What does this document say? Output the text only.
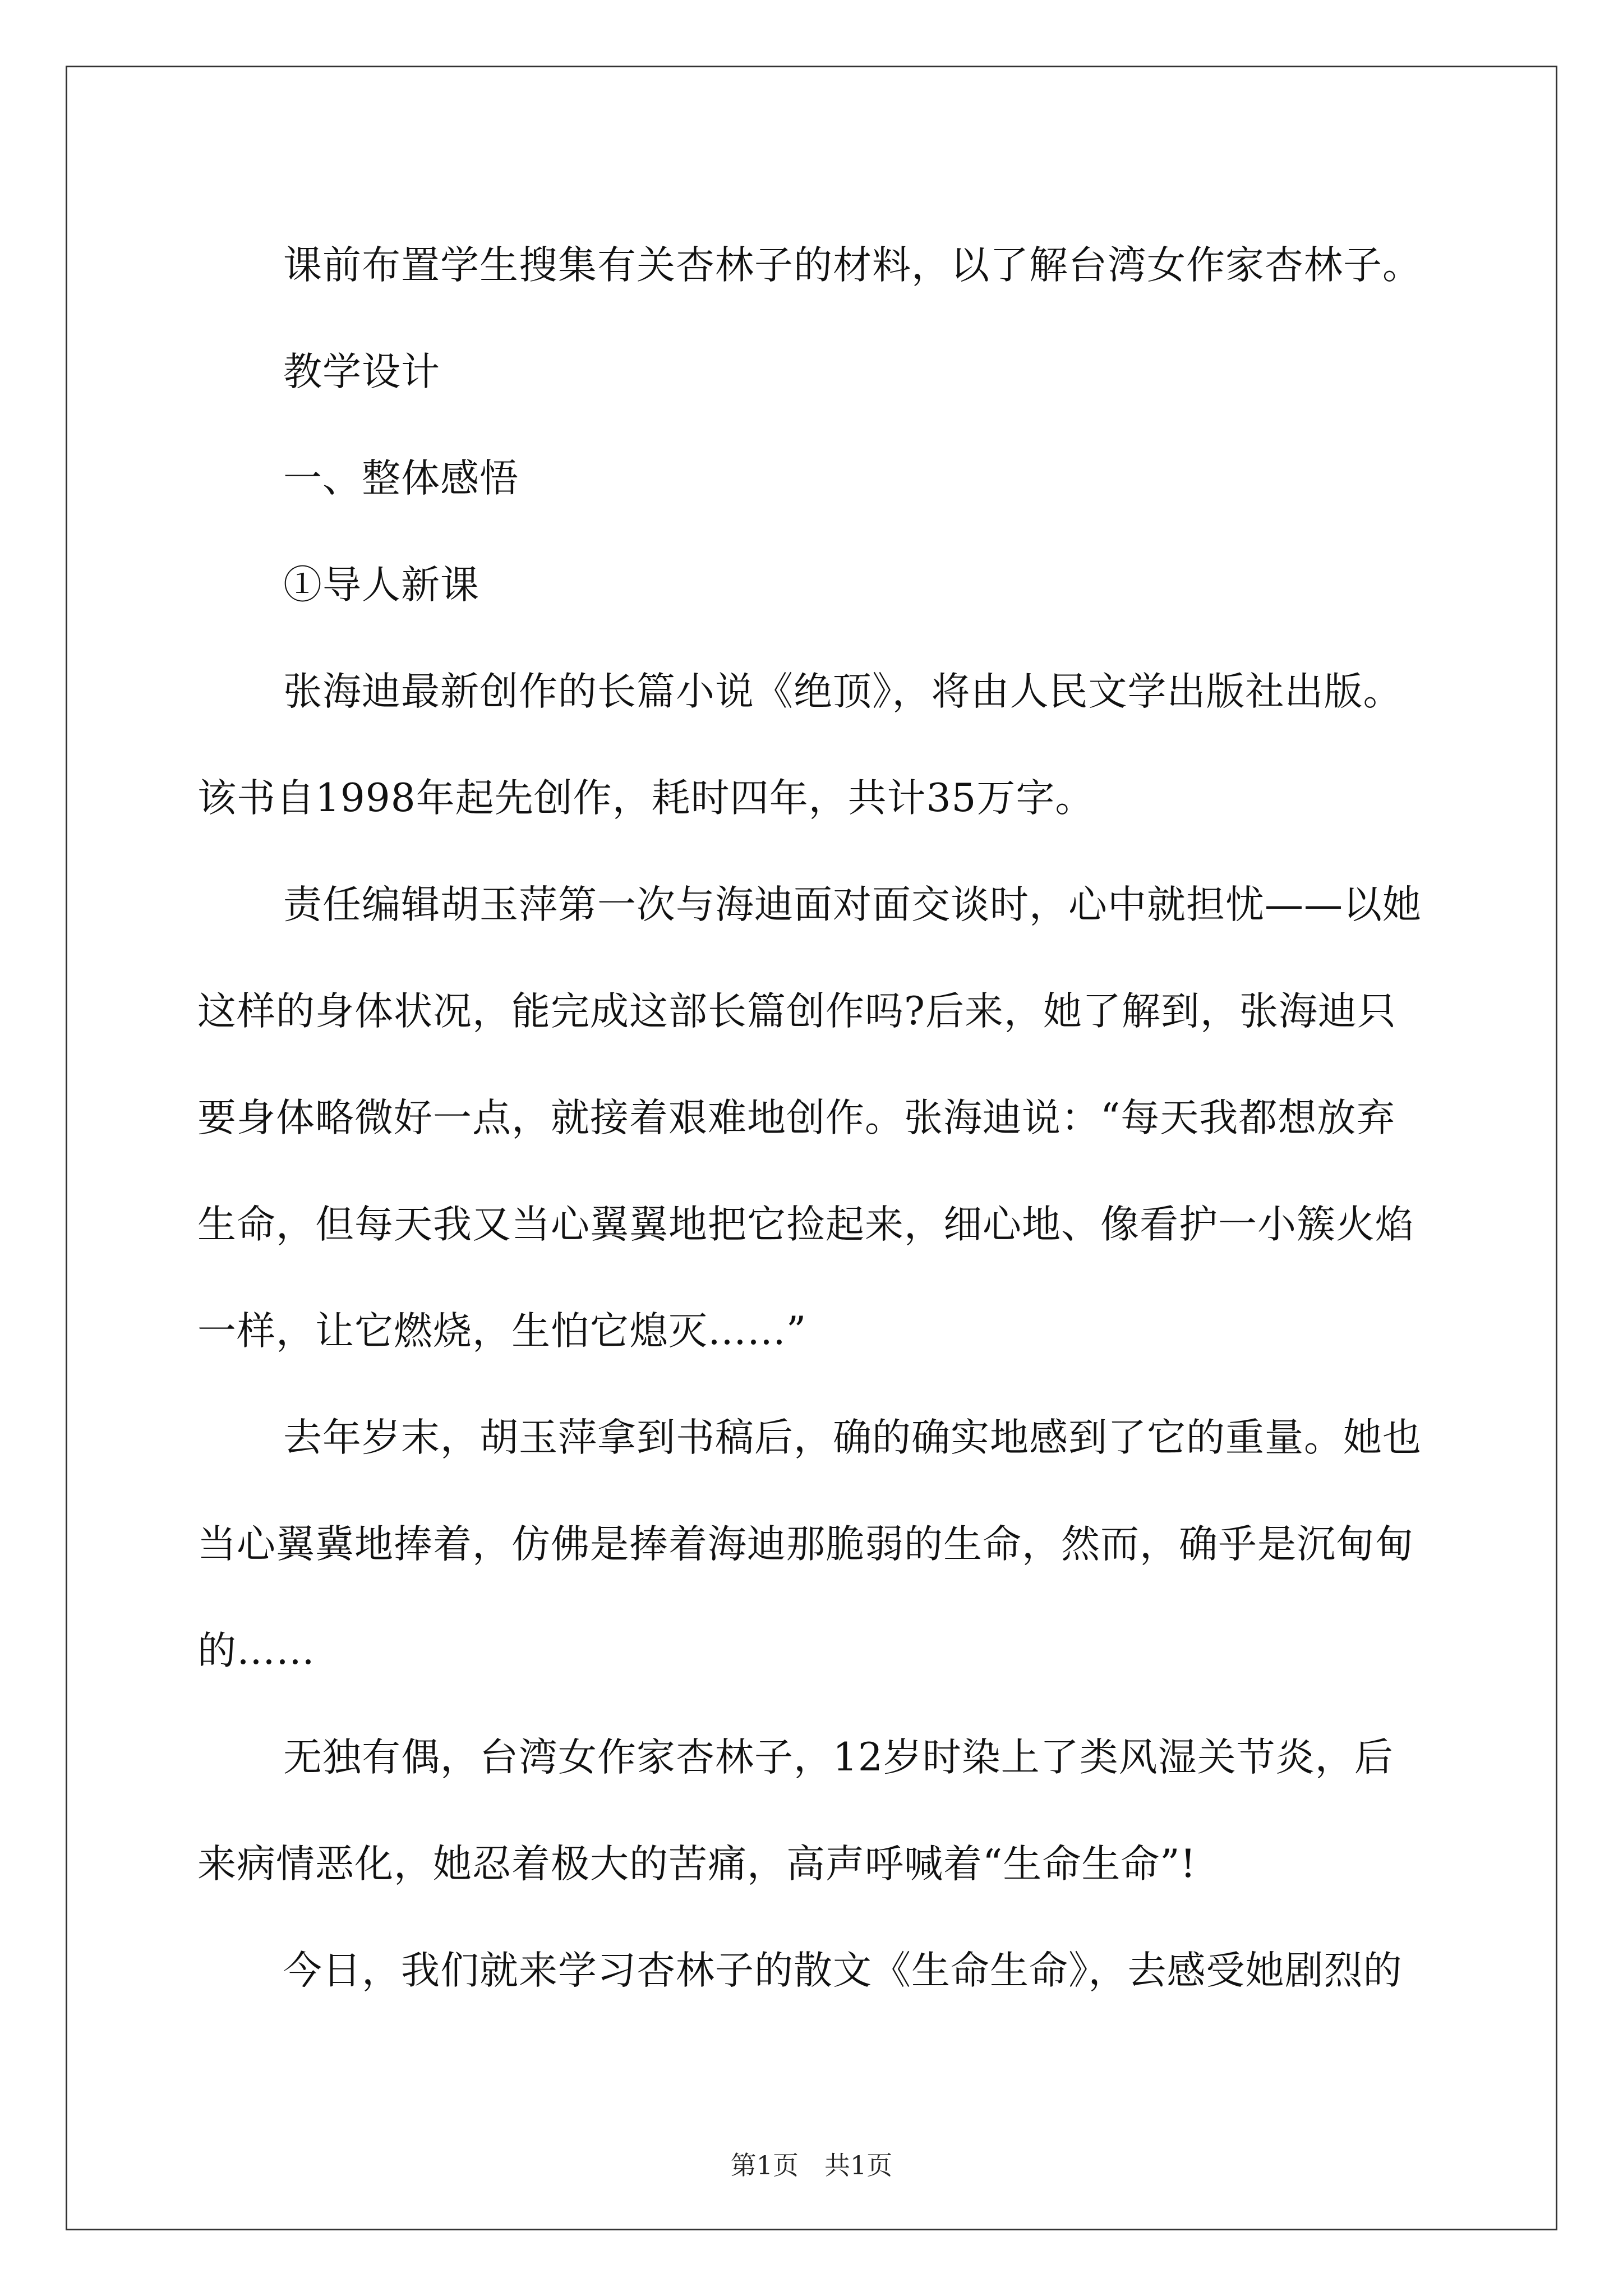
课前布置学生搜集有关杏林子的材料，以了解台湾女作家杏林子。

教学设计

一、整体感悟

①导人新课

张海迪最新创作的长篇小说《绝顶》，将由人民文学出版社出版。该书自1998年起先创作，耗时四年，共计35万字。

责任编辑胡玉萍第一次与海迪面对面交谈时，心中就担忧——以她这样的身体状况，能完成这部长篇创作吗?后来，她了解到，张海迪只要身体略微好一点，就接着艰难地创作。张海迪说：“每天我都想放弃生命，但每天我又当心翼翼地把它捡起来，细心地、像看护一小簇火焰一样，让它燃烧，生怕它熄灭……”

去年岁末，胡玉萍拿到书稿后，确的确实地感到了它的重量。她也当心翼冀地捧着，仿佛是捧着海迪那脆弱的生命，然而，确乎是沉甸甸的……

无独有偶，台湾女作家杏林子，12岁时染上了类风湿关节炎，后来病情恶化，她忍着极大的苦痛，高声呼喊着“生命生命”!

今日，我们就来学习杏林子的散文《生命生命》，去感受她剧烈的

第1页　共1页
